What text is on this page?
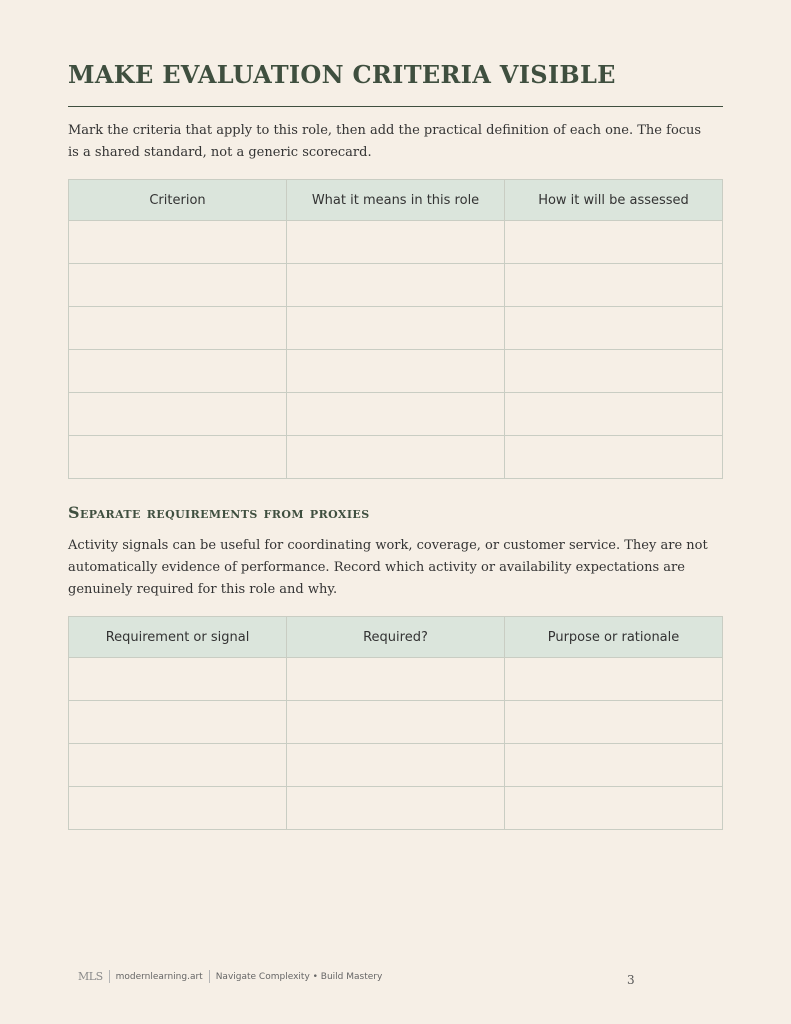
MAKE EVALUATION CRITERIA VISIBLE
Mark the criteria that apply to this role, then add the practical definition of each one. The focus is a shared standard, not a generic scorecard.
Criterion	What it means in this role	How it will be assessed

Separate requirements from proxies
Activity signals can be useful for coordinating work, coverage, or customer service. They are not automatically evidence of performance. Record which activity or availability expectations are genuinely required for this role and why.
Requirement or signal	Required?	Purpose or rationale

MLS modernlearning.art Navigate Complexity • Build Mastery	3
